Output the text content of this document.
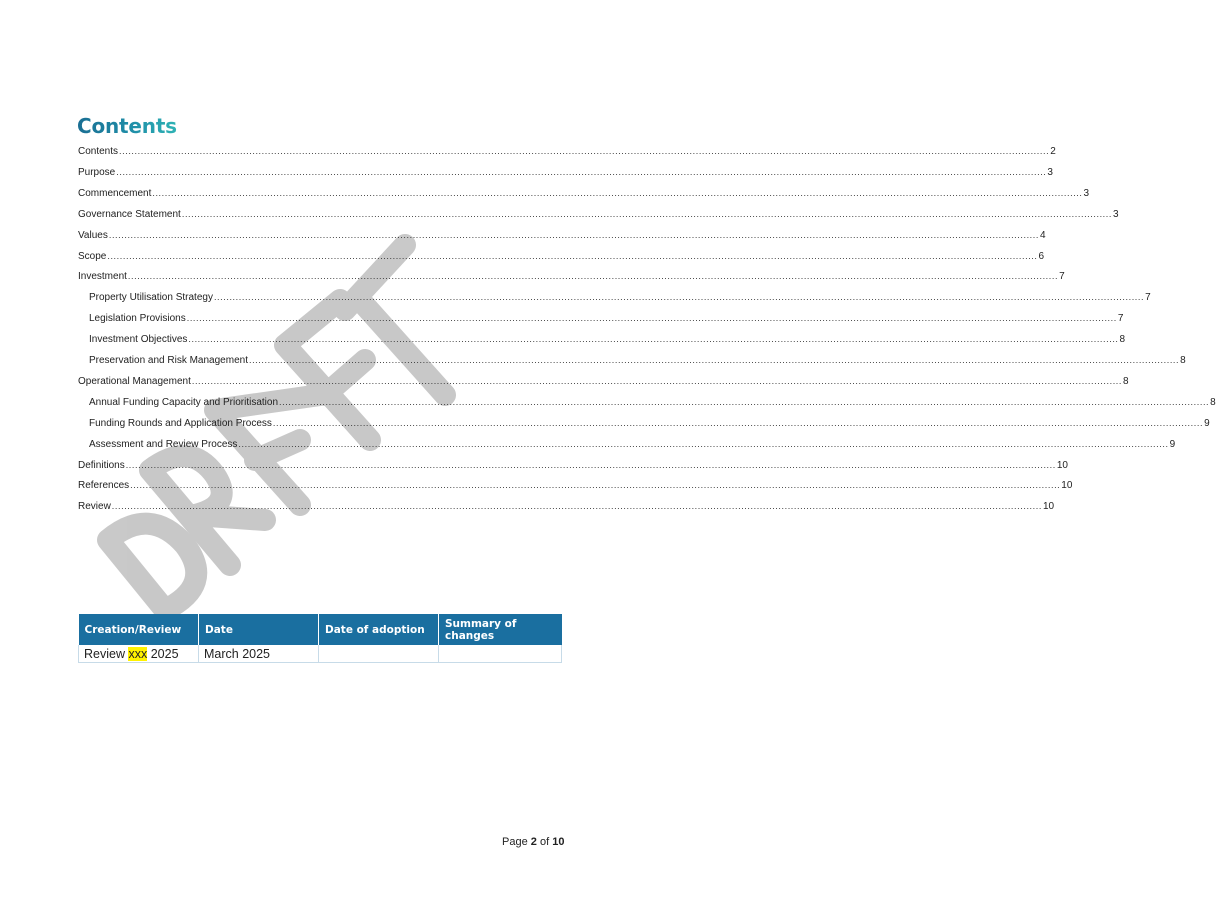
Contents
Contents ............................................................................................................................................................................................................................................................................................................ 2
Purpose ............................................................................................................................................................................................................................................................................................................ 3
Commencement ............................................................................................................................................................................................................................................................................................................ 3
Governance Statement ............................................................................................................................................................................................................................................................................................................ 3
Values ............................................................................................................................................................................................................................................................................................................ 4
Scope ............................................................................................................................................................................................................................................................................................................ 6
Investment ............................................................................................................................................................................................................................................................................................................ 7
Property Utilisation Strategy ............................................................................................................................................................................................................................................................................................................ 7
Legislation Provisions ............................................................................................................................................................................................................................................................................................................ 7
Investment Objectives ............................................................................................................................................................................................................................................................................................................ 8
Preservation and Risk Management ............................................................................................................................................................................................................................................................................................................ 8
Operational Management ............................................................................................................................................................................................................................................................................................................ 8
Annual Funding Capacity and Prioritisation ............................................................................................................................................................................................................................................................................................................ 8
Funding Rounds and Application Process ............................................................................................................................................................................................................................................................................................................ 9
Assessment and Review Process ............................................................................................................................................................................................................................................................................................................ 9
Definitions ............................................................................................................................................................................................................................................................................................................ 10
References ............................................................................................................................................................................................................................................................................................................ 10
Review ............................................................................................................................................................................................................................................................................................................ 10
Creation/Review	Date	Date of adoption	Summary of changes
Review xxx 2025	March 2025		
Page 2 of 10
